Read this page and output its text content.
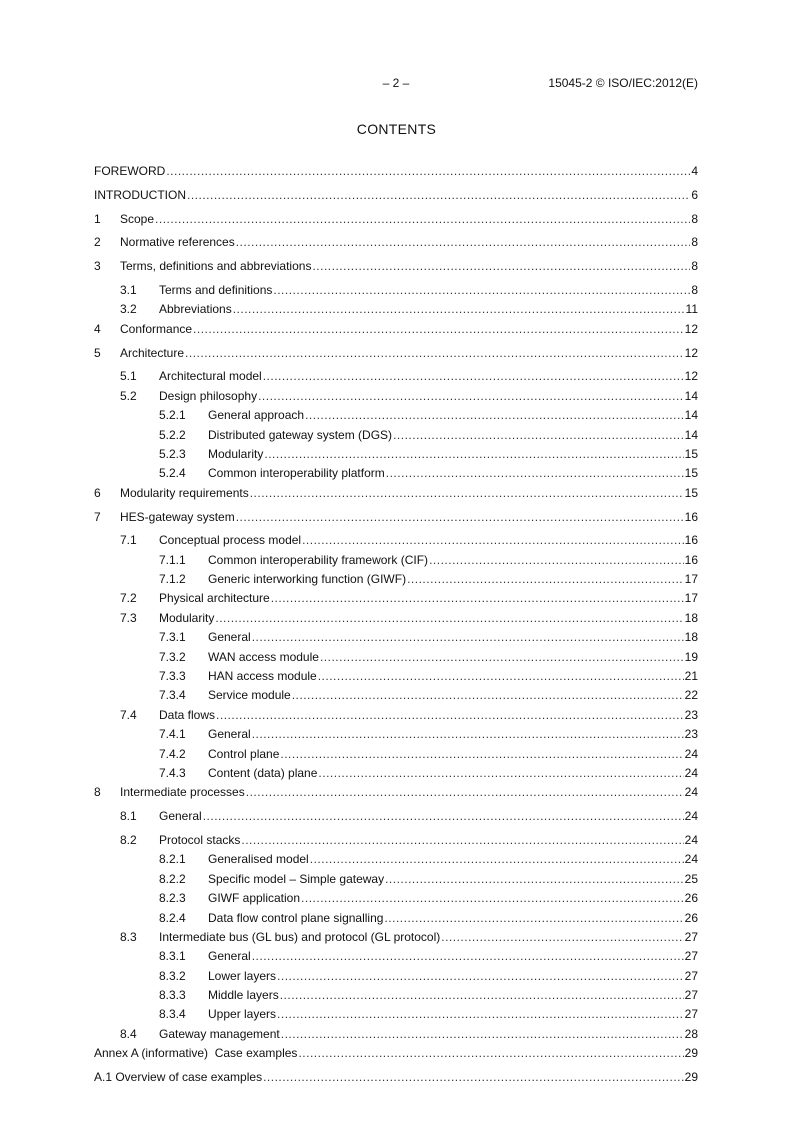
– 2 –	15045-2 © ISO/IEC:2012(E)
CONTENTS
FOREWORD .....	4
INTRODUCTION .....	6
1	Scope .....	8
2	Normative references .....	8
3	Terms, definitions and abbreviations .....	8
3.1	Terms and definitions .....	8
3.2	Abbreviations .....	11
4	Conformance .....	12
5	Architecture .....	12
5.1	Architectural model .....	12
5.2	Design philosophy .....	14
5.2.1	General approach .....	14
5.2.2	Distributed gateway system (DGS) .....	14
5.2.3	Modularity .....	15
5.2.4	Common interoperability platform .....	15
6	Modularity requirements .....	15
7	HES-gateway system .....	16
7.1	Conceptual process model .....	16
7.1.1	Common interoperability framework (CIF) .....	16
7.1.2	Generic interworking function (GIWF) .....	17
7.2	Physical architecture .....	17
7.3	Modularity .....	18
7.3.1	General .....	18
7.3.2	WAN access module .....	19
7.3.3	HAN access module .....	21
7.3.4	Service module .....	22
7.4	Data flows .....	23
7.4.1	General .....	23
7.4.2	Control plane .....	24
7.4.3	Content (data) plane .....	24
8	Intermediate processes .....	24
8.1	General .....	24
8.2	Protocol stacks .....	24
8.2.1	Generalised model .....	24
8.2.2	Specific model – Simple gateway .....	25
8.2.3	GIWF application .....	26
8.2.4	Data flow control plane signalling .....	26
8.3	Intermediate bus (GL bus) and protocol (GL protocol) .....	27
8.3.1	General .....	27
8.3.2	Lower layers .....	27
8.3.3	Middle layers .....	27
8.3.4	Upper layers .....	27
8.4	Gateway management .....	28
Annex A (informative)  Case examples .....	29
A.1 Overview of case examples .....	29
